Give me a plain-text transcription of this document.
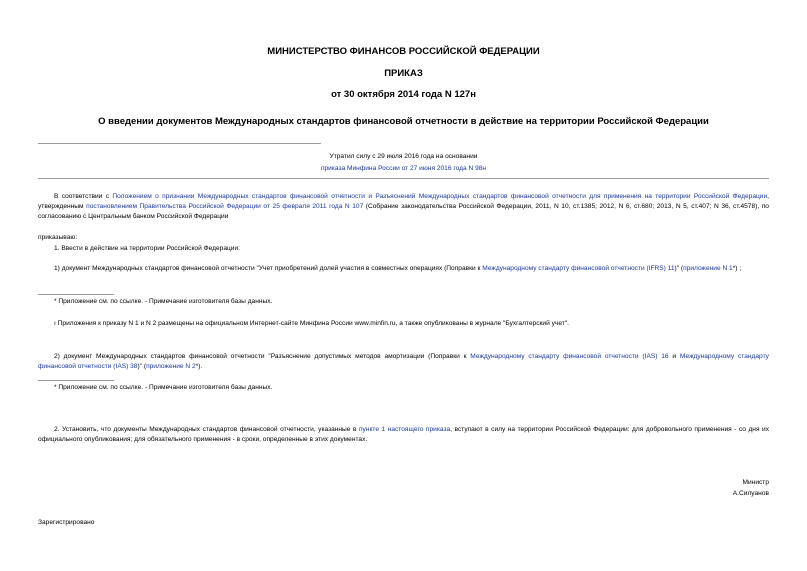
МИНИСТЕРСТВО ФИНАНСОВ РОССИЙСКОЙ ФЕДЕРАЦИИ
ПРИКАЗ
от 30 октября 2014 года N 127н
О введении документов Международных стандартов финансовой отчетности в действие на территории Российской Федерации
Утратил силу с 29 июля 2016 года на основании
приказа Минфина России от 27 июня 2016 года N 98н
В соответствии с Положением о признании Международных стандартов финансовой отчетности и Разъяснений Международных стандартов финансовой отчетности для применения на территории Российской Федерации, утвержденным постановлением Правительства Российской Федерации от 25 февраля 2011 года N 107 (Собрание законодательства Российской Федерации, 2011, N 10, ст.1385; 2012, N 6, ст.680; 2013, N 5, ст.407; N 36, ст.4578), по согласованию с Центральным банком Российской Федерации
приказываю:
1. Ввести в действие на территории Российской Федерации:
1) документ Международных стандартов финансовой отчетности "Учет приобретений долей участия в совместных операциях (Поправки к Международному стандарту финансовой отчетности (IFRS) 11)" (приложение N 1*) ;
* Приложение см. по ссылке. - Примечание изготовителя базы данных.
ı Приложения к приказу N 1 и N 2 размещены на официальном Интернет-сайте Минфина России www.minfin.ru, а также опубликованы в журнале "Бухгалтерский учет".
2) документ Международных стандартов финансовой отчетности "Разъяснение допустимых методов амортизации (Поправки к Международному стандарту финансовой отчетности (IAS) 16 и Международному стандарту финансовой отчетности (IAS) 38)" (приложение N 2*).
* Приложение см. по ссылке. - Примечание изготовителя базы данных.
2. Установить, что документы Международных стандартов финансовой отчетности, указанные в пункте 1 настоящего приказа, вступают в силу на территории Российской Федерации: для добровольного применения - со дня их официального опубликования; для обязательного применения - в сроки, определенные в этих документах.
Министр
А.Силуанов
Зарегистрировано
